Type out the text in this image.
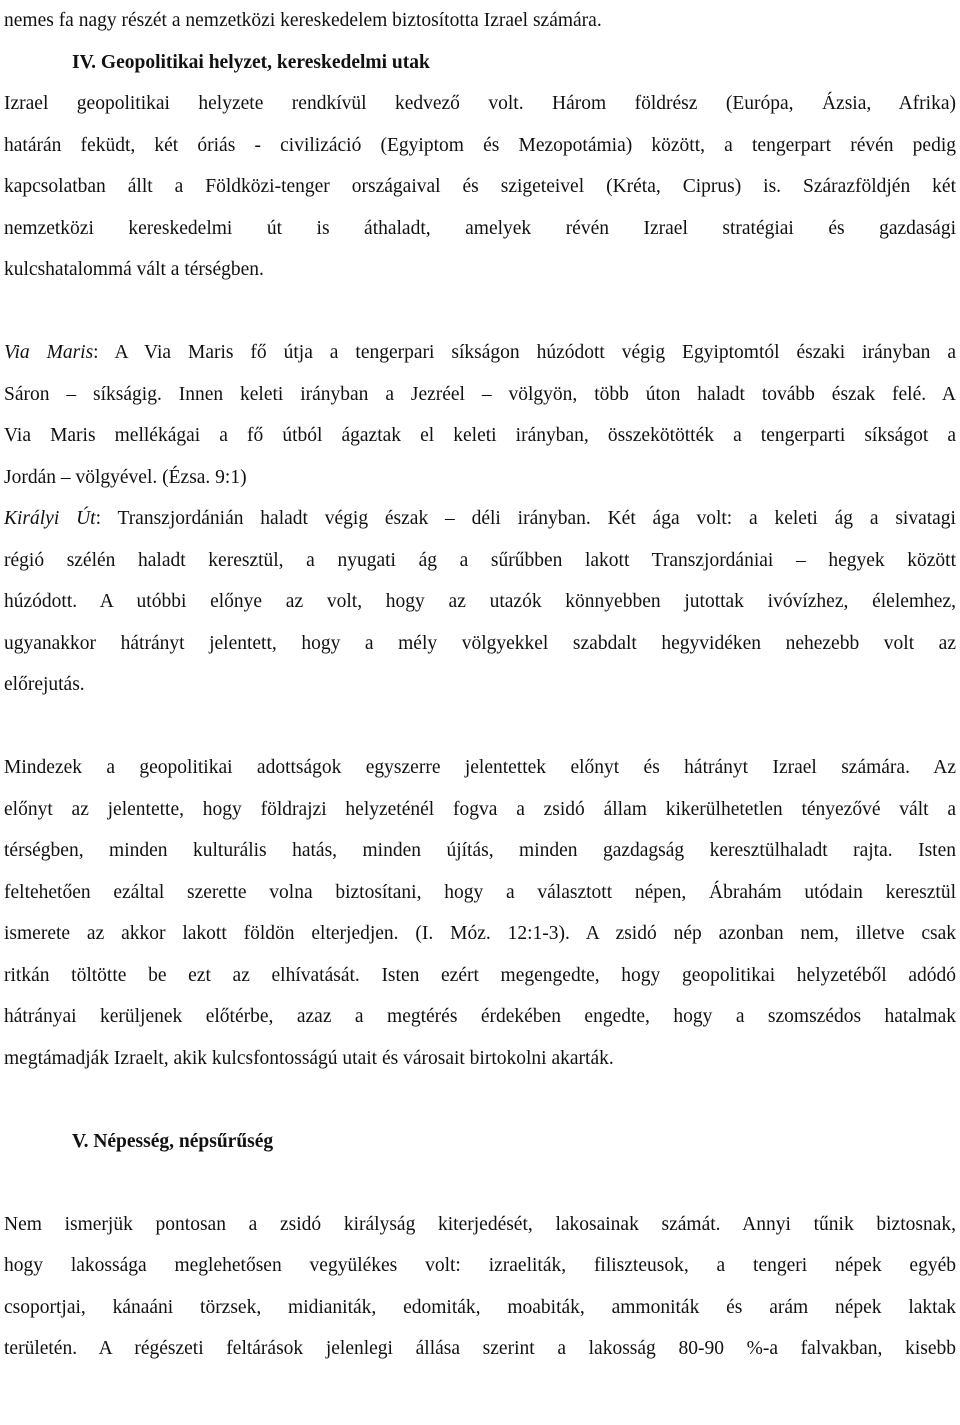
nemes fa nagy részét a nemzetközi kereskedelem biztosította Izrael számára.
IV. Geopolitikai helyzet, kereskedelmi utak
Izrael geopolitikai helyzete rendkívül kedvező volt. Három földrész (Európa, Ázsia, Afrika)
határán feküdt, két óriás - civilizáció (Egyiptom és Mezopotámia) között, a tengerpart révén pedig
kapcsolatban állt a Földközi-tenger országaival és szigeteivel (Kréta, Ciprus) is. Szárazföldjén két
nemzetközi kereskedelmi út is áthaladt, amelyek révén Izrael stratégiai és gazdasági
kulcshatalommá vált a térségben.
Via Maris: A Via Maris fő útja a tengerpari síkságon húzódott végig Egyiptomtól északi irányban a
Sáron – síkságig. Innen keleti irányban a Jezréel – völgyön, több úton haladt tovább észak felé. A
Via Maris mellékágai a fő útból ágaztak el keleti irányban, összekötötték a tengerparti síkságot a
Jordán – völgyével. (Ézsa. 9:1)
Királyi Út: Transzjordánián haladt végig észak – déli irányban. Két ága volt: a keleti ág a sivatagi
régió szélén haladt keresztül, a nyugati ág a sűrűbben lakott Transzjordániai – hegyek között
húzódott. A utóbbi előnye az volt, hogy az utazók könnyebben jutottak ivóvízhez, élelemhez,
ugyanakkor hátrányt jelentett, hogy a mély völgyekkel szabdalt hegyvidéken nehezebb volt az
előrejutás.
Mindezek a geopolitikai adottságok egyszerre jelentettek előnyt és hátrányt Izrael számára. Az
előnyt az jelentette, hogy földrajzi helyzeténél fogva a zsidó állam kikerülhetetlen tényezővé vált a
térségben, minden kulturális hatás, minden újítás, minden gazdagság keresztülhaladt rajta. Isten
feltehetően ezáltal szerette volna biztosítani, hogy a választott népen, Ábrahám utódain keresztül
ismerete az akkor lakott földön elterjedjen. (I. Móz. 12:1-3). A zsidó nép azonban nem, illetve csak
ritkán töltötte be ezt az elhívatását. Isten ezért megengedte, hogy geopolitikai helyzetéből adódó
hátrányai kerüljenek előtérbe, azaz a megtérés érdekében engedte, hogy a szomszédos hatalmak
megtámadják Izraelt, akik kulcsfontosságú utait és városait birtokolni akarták.
V. Népesség, népsűrűség
Nem ismerjük pontosan a zsidó királyság kiterjedését, lakosainak számát. Annyi tűnik biztosnak,
hogy lakossága meglehetősen vegyülékes volt: izraeliták, filiszteusok, a tengeri népek egyéb
csoportjai, kánaáni törzsek, midianiták, edomiták, moabiták, ammoniták és arám népek laktak
területén. A régészeti feltárások jelenlegi állása szerint a lakosság 80-90 %-a falvakban, kisebb
